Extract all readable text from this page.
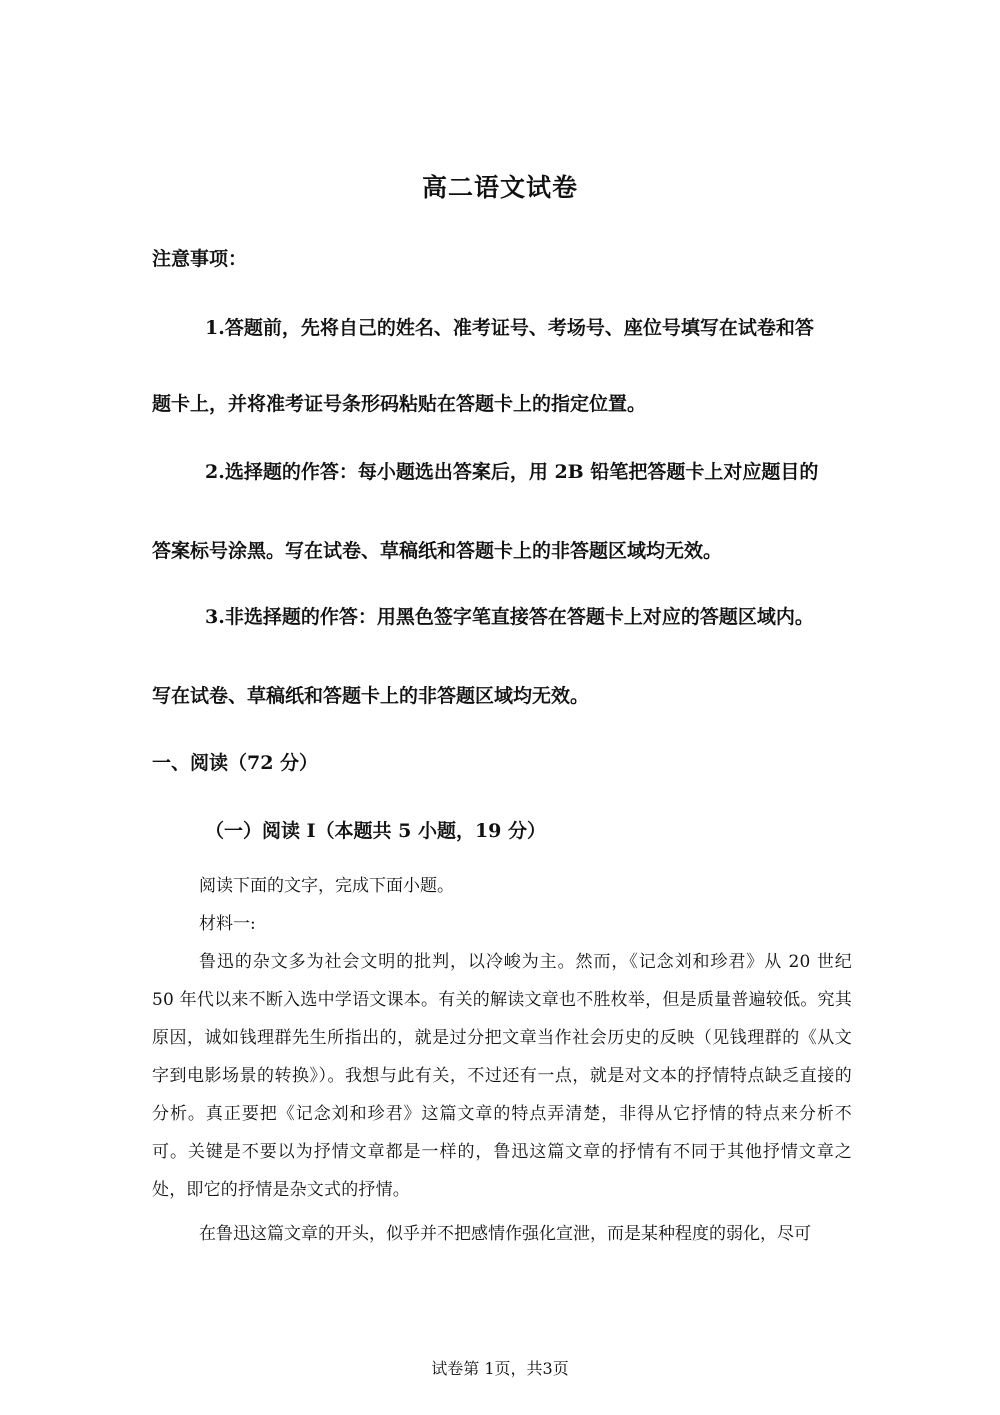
高二语文试卷
注意事项：
1.答题前，先将自己的姓名、准考证号、考场号、座位号填写在试卷和答
题卡上，并将准考证号条形码粘贴在答题卡上的指定位置。
2.选择题的作答：每小题选出答案后，用 2B 铅笔把答题卡上对应题目的
答案标号涂黑。写在试卷、草稿纸和答题卡上的非答题区域均无效。
3.非选择题的作答：用黑色签字笔直接答在答题卡上对应的答题区域内。
写在试卷、草稿纸和答题卡上的非答题区域均无效。
一、阅读（72 分）
（一）阅读 I（本题共 5 小题，19 分）
阅读下面的文字，完成下面小题。
材料一:
鲁迅的杂文多为社会文明的批判，以冷峻为主。然而，《记念刘和珍君》从 20 世纪 50 年代以来不断入选中学语文课本。有关的解读文章也不胜枚举，但是质量普遍较低。究其原因，诚如钱理群先生所指出的，就是过分把文章当作社会历史的反映（见钱理群的《从文字到电影场景的转换》）。我想与此有关，不过还有一点，就是对文本的抒情特点缺乏直接的分析。真正要把《记念刘和珍君》这篇文章的特点弄清楚，非得从它抒情的特点来分析不可。关键是不要以为抒情文章都是一样的，鲁迅这篇文章的抒情有不同于其他抒情文章之处，即它的抒情是杂文式的抒情。
在鲁迅这篇文章的开头，似乎并不把感情作强化宣泄，而是某种程度的弱化，尽可
试卷第 1页，共3页
